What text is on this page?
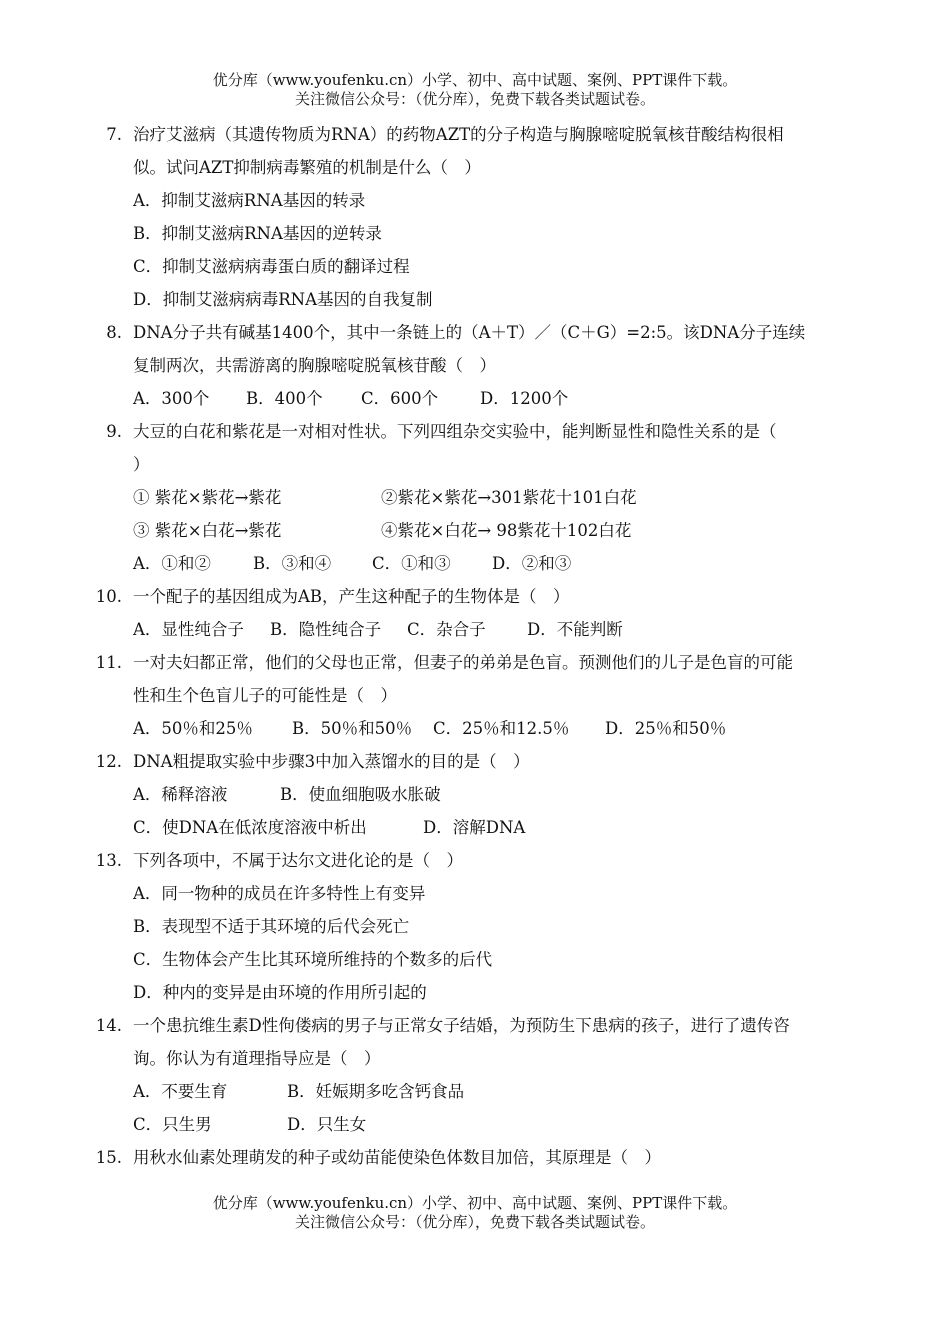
优分库（www.youfenku.cn）小学、初中、高中试题、案例、PPT课件下载。
关注微信公众号：（优分库），免费下载各类试题试卷。
7. 治疗艾滋病（其遗传物质为RNA）的药物AZT的分子构造与胸腺嘧啶脱氧核苷酸结构很相
似。试问AZT抑制病毒繁殖的机制是什么（　）
A．抑制艾滋病RNA基因的转录
B．抑制艾滋病RNA基因的逆转录
C．抑制艾滋病病毒蛋白质的翻译过程
D．抑制艾滋病病毒RNA基因的自我复制
8. DNA分子共有碱基1400个，其中一条链上的（A＋T）／（C＋G）=2:5。该DNA分子连续
复制两次，共需游离的胸腺嘧啶脱氧核苷酸（　）
A．300个 B．400个 C．600个	D．1200个
9. 大豆的白花和紫花是一对相对性状。下列四组杂交实验中，能判断显性和隐性关系的是（
）
① 紫花×紫花→紫花	②紫花×紫花→301紫花十101白花
③ 紫花×白花→紫花	④紫花×白花→ 98紫花十102白花
A．①和②	B．③和④ C．①和③	D．②和③
10. 一个配子的基因组成为AB，产生这种配子的生物体是（　）
A．显性纯合子 B．隐性纯合子 C．杂合子	D．不能判断
11. 一对夫妇都正常，他们的父母也正常，但妻子的弟弟是色盲。预测他们的儿子是色盲的可能
性和生个色盲儿子的可能性是（　）
A．50％和25％ B．50％和50％ C．25％和12.5％ D．25％和50％
12. DNA粗提取实验中步骤3中加入蒸馏水的目的是（　）
A．稀释溶液	B．使血细胞吸水胀破
C．使DNA在低浓度溶液中析出	D．溶解DNA
13. 下列各项中，不属于达尔文进化论的是（　）
A．同一物种的成员在许多特性上有变异
B．表现型不适于其环境的后代会死亡
C．生物体会产生比其环境所维持的个数多的后代
D．种内的变异是由环境的作用所引起的
14. 一个患抗维生素D性佝偻病的男子与正常女子结婚，为预防生下患病的孩子，进行了遗传咨
询。你认为有道理指导应是（　）
A．不要生育	B．妊娠期多吃含钙食品
C．只生男	D．只生女
15. 用秋水仙素处理萌发的种子或幼苗能使染色体数目加倍，其原理是（　）
优分库（www.youfenku.cn）小学、初中、高中试题、案例、PPT课件下载。
关注微信公众号：（优分库），免费下载各类试题试卷。
